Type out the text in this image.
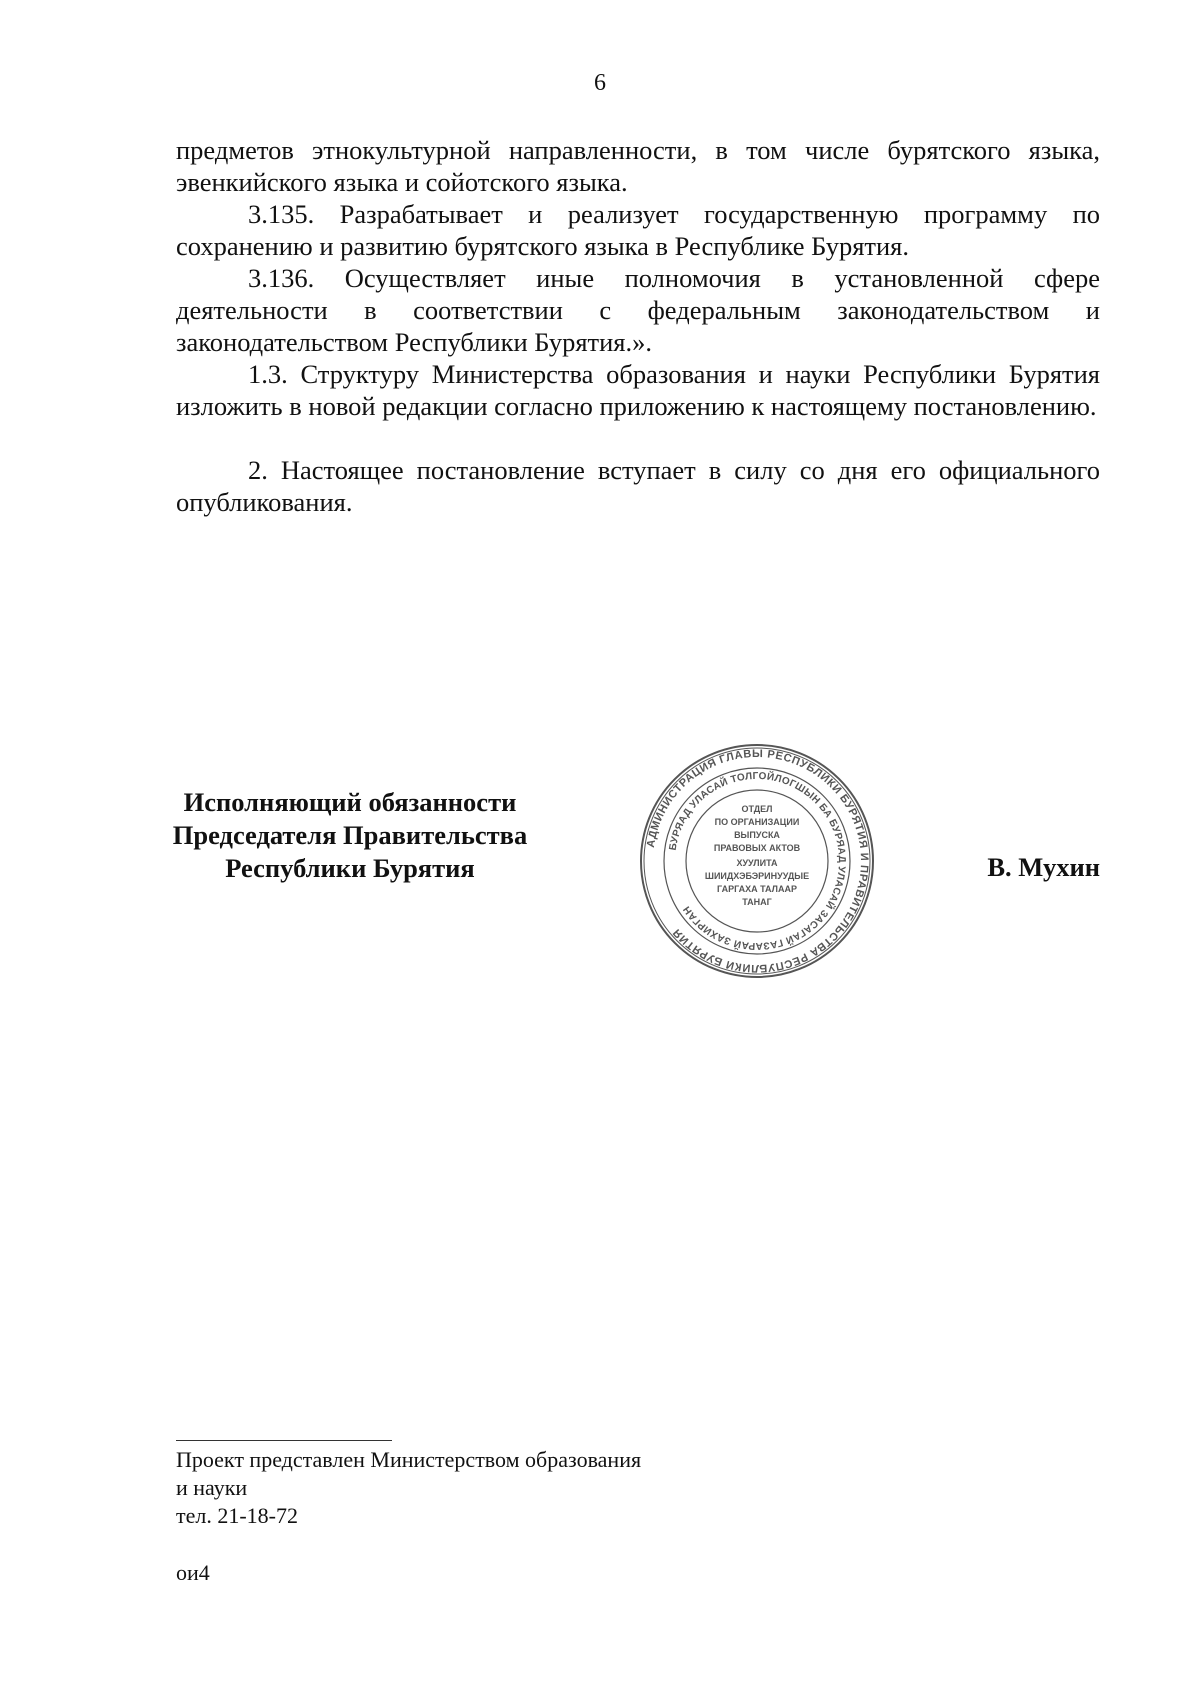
6

предметов этнокультурной направленности, в том числе бурятского языка, эвенкийского языка и сойотского языка.

3.135. Разрабатывает и реализует государственную программу по сохранению и развитию бурятского языка в Республике Бурятия.

3.136. Осуществляет иные полномочия в установленной сфере деятельности в соответствии с федеральным законодательством и законодательством Республики Бурятия.».

1.3. Структуру Министерства образования и науки Республики Бурятия изложить в новой редакции согласно приложению к настоящему постановлению.

2. Настоящее постановление вступает в силу со дня его официального опубликования.

Исполняющий обязанности
Председателя Правительства
Республики Бурятия
АДМИНИСТРАЦИЯ ГЛАВЫ РЕСПУБЛИКИ БУРЯТИЯ И ПРАВИТЕЛЬСТВА РЕСПУБЛИКИ БУРЯТИЯ
БУРЯАД УЛАСАЙ ТОЛГОЙЛОГШЫН БА БУРЯАД УЛАСАЙ ЗАСАГАЙ ГАЗАРАЙ ЗАХИРГАН
ОТДЕЛ
ПО ОРГАНИЗАЦИИ
ВЫПУСКА
ПРАВОВЫХ АКТОВ
ХУУЛИТА
ШИИДХЭБЭРИНУУДЫЕ
ГАРГАХА ТАЛААР
ТАНАГ
В. Мухин
Проект представлен Министерством образования
и науки
тел. 21-18-72
ои4
